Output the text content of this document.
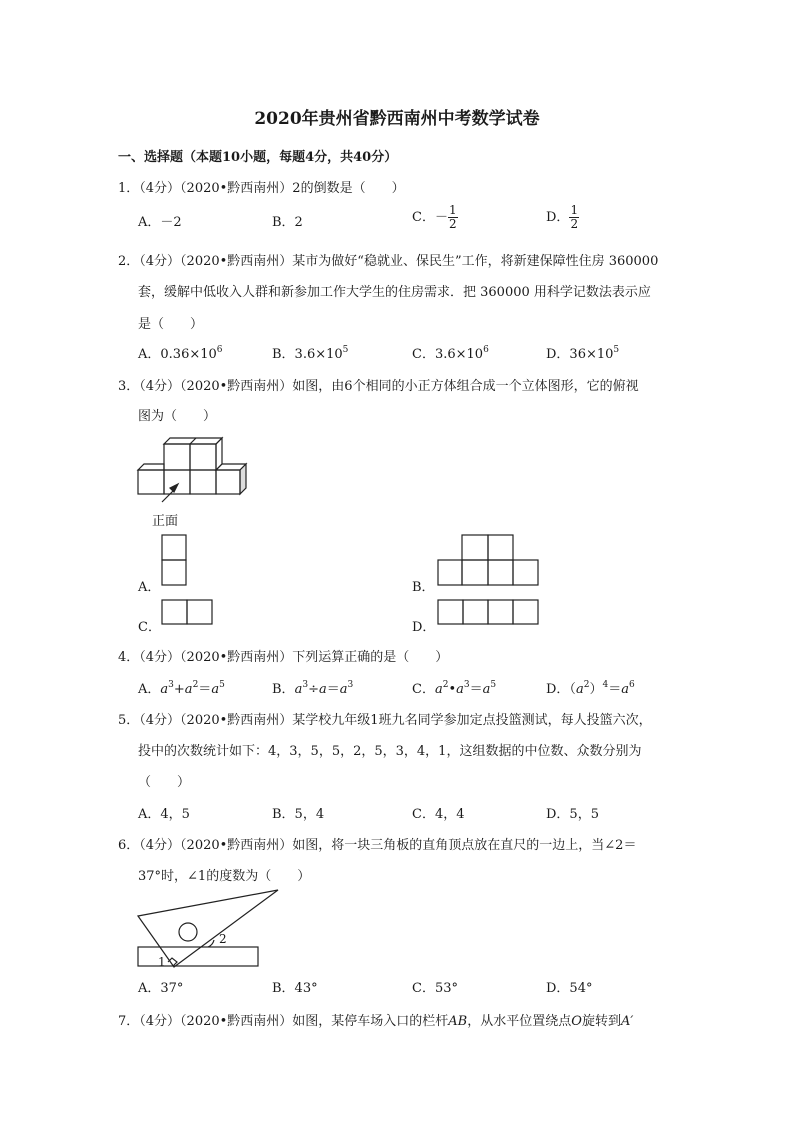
2020年贵州省黔西南州中考数学试卷
一、选择题（本题10小题，每题4分，共40分）
1．（4分）（2020•黔西南州）2的倒数是（　　）
A．－2	B．2	C．－ $\frac{1}{2}$	D． $\frac{1}{2}$
2．（4分）（2020•黔西南州）某市为做好“稳就业、保民生”工作，将新建保障性住房 360000
套，缓解中低收入人群和新参加工作大学生的住房需求．把 360000 用科学记数法表示应
是（　　）
A．$0.36\times 10^6$	B．$3.6\times 10^5$	C．$3.6\times 10^6$	D．$36\times 10^5$
3．（4分）（2020•黔西南州）如图，由6个相同的小正方体组合成一个立体图形，它的俯视
图为（　　）
正面
A．	B．
C．	D．
4．（4分）（2020•黔西南州）下列运算正确的是（　　）
A．$a^3+a^2=a^5$	B．$a^3\div a=a^3$	C．$a^2•a^3=a^5$	D．$(a^2)^4=a^6$
5．（4分）（2020•黔西南州）某学校九年级1班九名同学参加定点投篮测试，每人投篮六次，
投中的次数统计如下：4，3，5，5，2，5，3，4，1，这组数据的中位数、众数分别为
（　　）
A．4，5	B．5，4	C．4，4	D．5，5
6．（4分）（2020•黔西南州）如图，将一块三角板的直角顶点放在直尺的一边上，当∠2＝
37°时，∠1的度数为（　　）
1
2
A．37°	B．43°	C．53°	D．54°
7．（4分）（2020•黔西南州）如图，某停车场入口的栏杆AB，从水平位置绕点O旋转到A′
